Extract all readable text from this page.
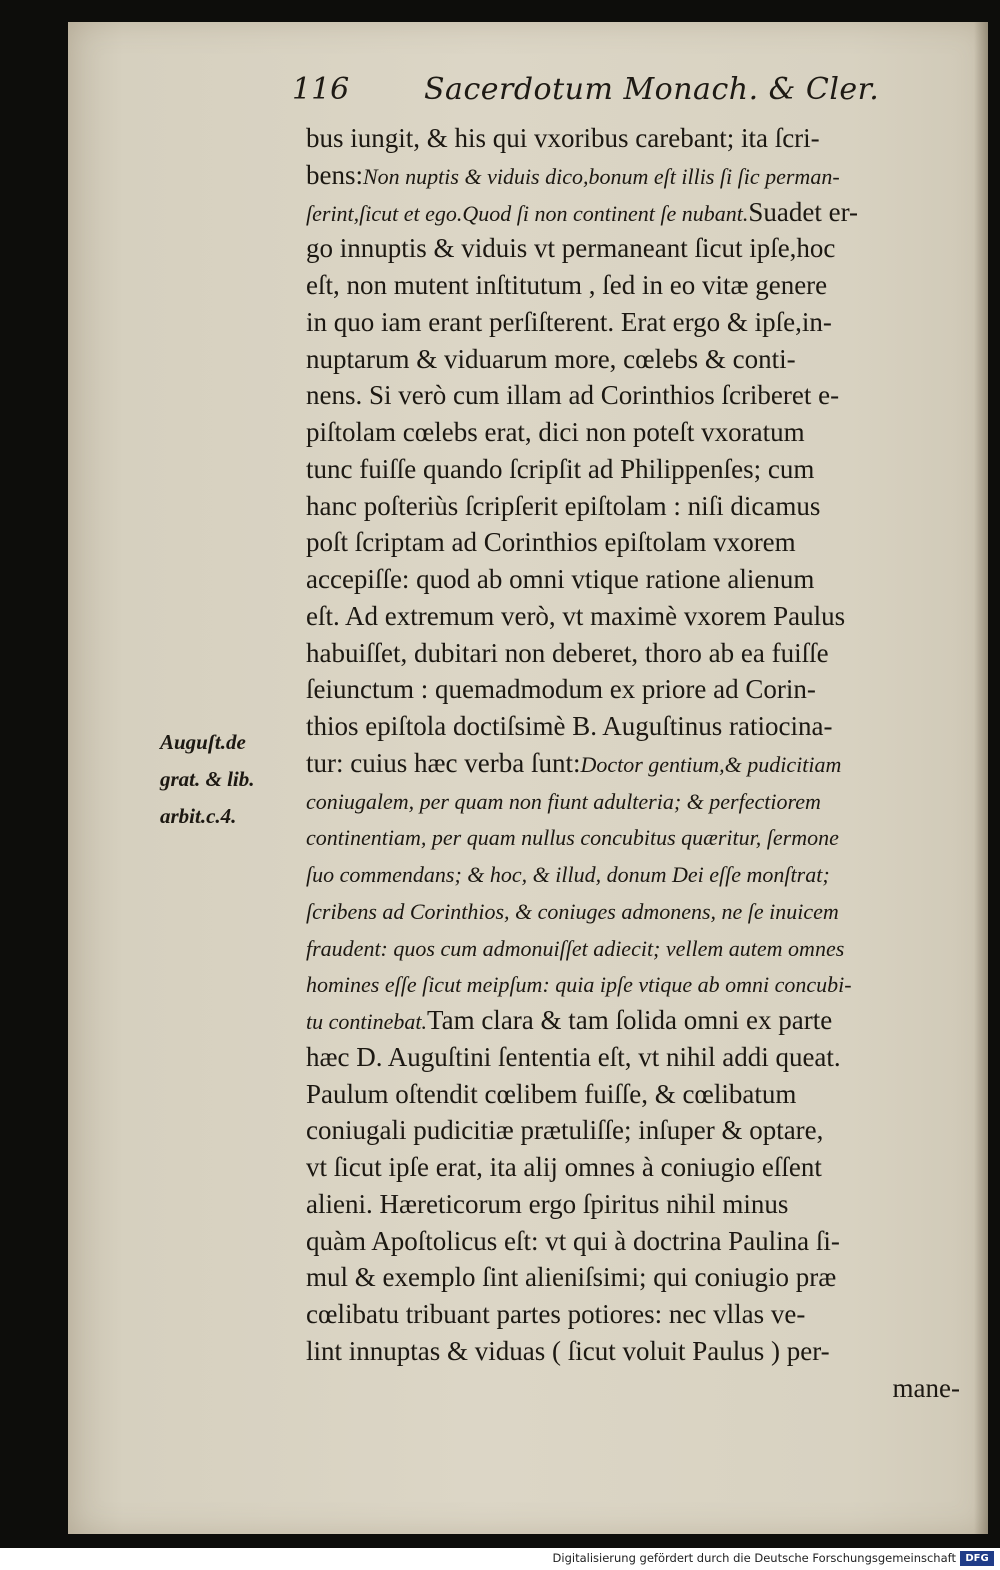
116 Sacerdotum Monach. & Cler.
bus iungit, & his qui vxoribus carebant; ita ſcri-
bens:Non nuptis & viduis dico,bonum eſt illis ſi ſic perman-
ſerint,ſicut et ego.Quod ſi non continent ſe nubant.Suadet er-
go innuptis & viduis vt permaneant ſicut ipſe,hoc
eſt, non mutent inſtitutum , ſed in eo vitæ genere
in quo iam erant perſiſterent. Erat ergo & ipſe,in-
nuptarum & viduarum more, cœlebs & conti-
nens. Si verò cum illam ad Corinthios ſcriberet e-
piſtolam cœlebs erat, dici non poteſt vxoratum
tunc fuiſſe quando ſcripſit ad Philippenſes; cum
hanc poſteriùs ſcripſerit epiſtolam : niſi dicamus
poſt ſcriptam ad Corinthios epiſtolam vxorem
accepiſſe: quod ab omni vtique ratione alienum
eſt. Ad extremum verò, vt maximè vxorem Paulus
habuiſſet, dubitari non deberet, thoro ab ea fuiſſe
ſeiunctum : quemadmodum ex priore ad Corin-
thios epiſtola doctiſsimè B. Auguſtinus ratiocina-
tur: cuius hæc verba ſunt:Doctor gentium,& pudicitiam
coniugalem, per quam non fiunt adulteria; & perfectiorem
continentiam, per quam nullus concubitus quæritur, ſermone
ſuo commendans; & hoc, & illud, donum Dei eſſe monſtrat;
ſcribens ad Corinthios, & coniuges admonens, ne ſe inuicem
fraudent: quos cum admonuiſſet adiecit; vellem autem omnes
homines eſſe ſicut meipſum: quia ipſe vtique ab omni concubi-
tu continebat.Tam clara & tam ſolida omni ex parte
hæc D. Auguſtini ſententia eſt, vt nihil addi queat.
Paulum oſtendit cœlibem fuiſſe, & cœlibatum
coniugali pudicitiæ prætuliſſe; inſuper & optare,
vt ſicut ipſe erat, ita alij omnes à coniugio eſſent
alieni. Hæreticorum ergo ſpiritus nihil minus
quàm Apoſtolicus eſt: vt qui à doctrina Paulina ſi-
mul & exemplo ſint alieniſsimi; qui coniugio præ
cœlibatu tribuant partes potiores: nec vllas ve-
lint innuptas & viduas ( ſicut voluit Paulus ) per-
mane-
Auguſt.de
grat. & lib.
arbit.c.4.
Digitalisierung gefördert durch die Deutsche Forschungsgemeinschaft DFG
